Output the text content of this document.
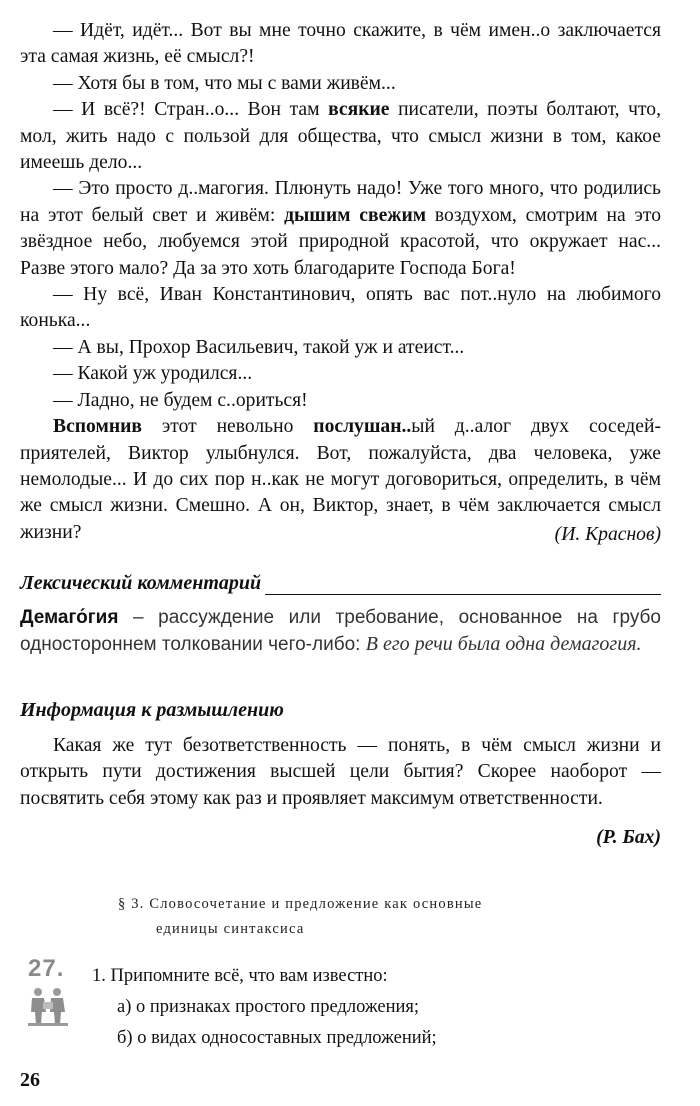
— Идёт, идёт... Вот вы мне точно скажите, в чём имен..о заключается эта самая жизнь, её смысл?!

— Хотя бы в том, что мы с вами живём...

— И всё?! Стран..о... Вон там всякие писатели, поэты болтают, что, мол, жить надо с пользой для общества, что смысл жизни в том, какое имеешь дело...

— Это просто д..магогия. Плюнуть надо! Уже того много, что родились на этот белый свет и живём: дышим свежим воздухом, смотрим на это звёздное небо, любуемся этой природной красотой, что окружает нас... Разве этого мало? Да за это хоть благодарите Господа Бога!

— Ну всё, Иван Константинович, опять вас пот..нуло на любимого конька...

— А вы, Прохор Васильевич, такой уж и атеист...

— Какой уж уродился...

— Ладно, не будем с..ориться!

Вспомнив этот невольно послушан..ый д..алог двух соседей-приятелей, Виктор улыбнулся. Вот, пожалуйста, два человека, уже немолодые... И до сих пор н..как не могут договориться, определить, в чём же смысл жизни. Смешно. А он, Виктор, знает, в чём заключается смысл жизни?	(И. Краснов)
Лексический комментарий
Демаго́гия – рассуждение или требование, основанное на грубо одностороннем толковании чего-либо: В его речи была одна демагогия.
Информация к размышлению

Какая же тут безответственность — понять, в чём смысл жизни и открыть пути достижения высшей цели бытия? Скорее наоборот — посвятить себя этому как раз и проявляет максимум ответственности.

(Р. Бах)
§ 3. Словосочетание и предложение как основные
единицы синтаксиса
27. 1. Припомните всё, что вам известно:
а) о признаках простого предложения;
б) о видах односоставных предложений;
26
